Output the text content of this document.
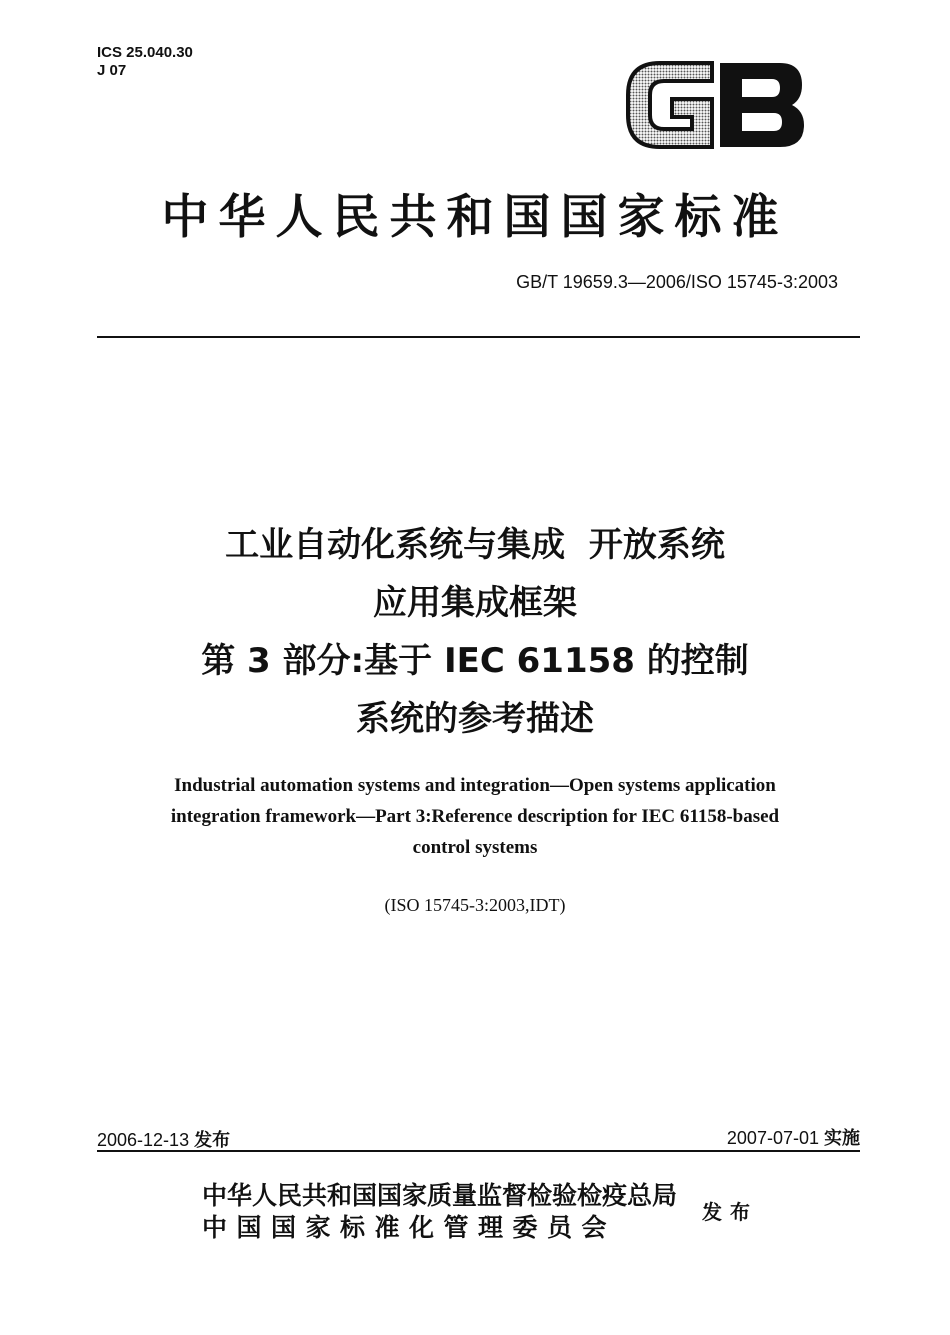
ICS 25.040.30
J 07
GB
中华人民共和国国家标准
GB/T 19659.3—2006/ISO 15745-3:2003
工业自动化系统与集成  开放系统
应用集成框架
第 3 部分:基于 IEC 61158 的控制
系统的参考描述
Industrial automation systems and integration—Open systems application
integration framework—Part 3:Reference description for IEC 61158-based
control systems
(ISO 15745-3:2003,IDT)
2006-12-13 发布	2007-07-01 实施
中华人民共和国国家质量监督检验检疫总局
中国国家标准化管理委员会
发布
